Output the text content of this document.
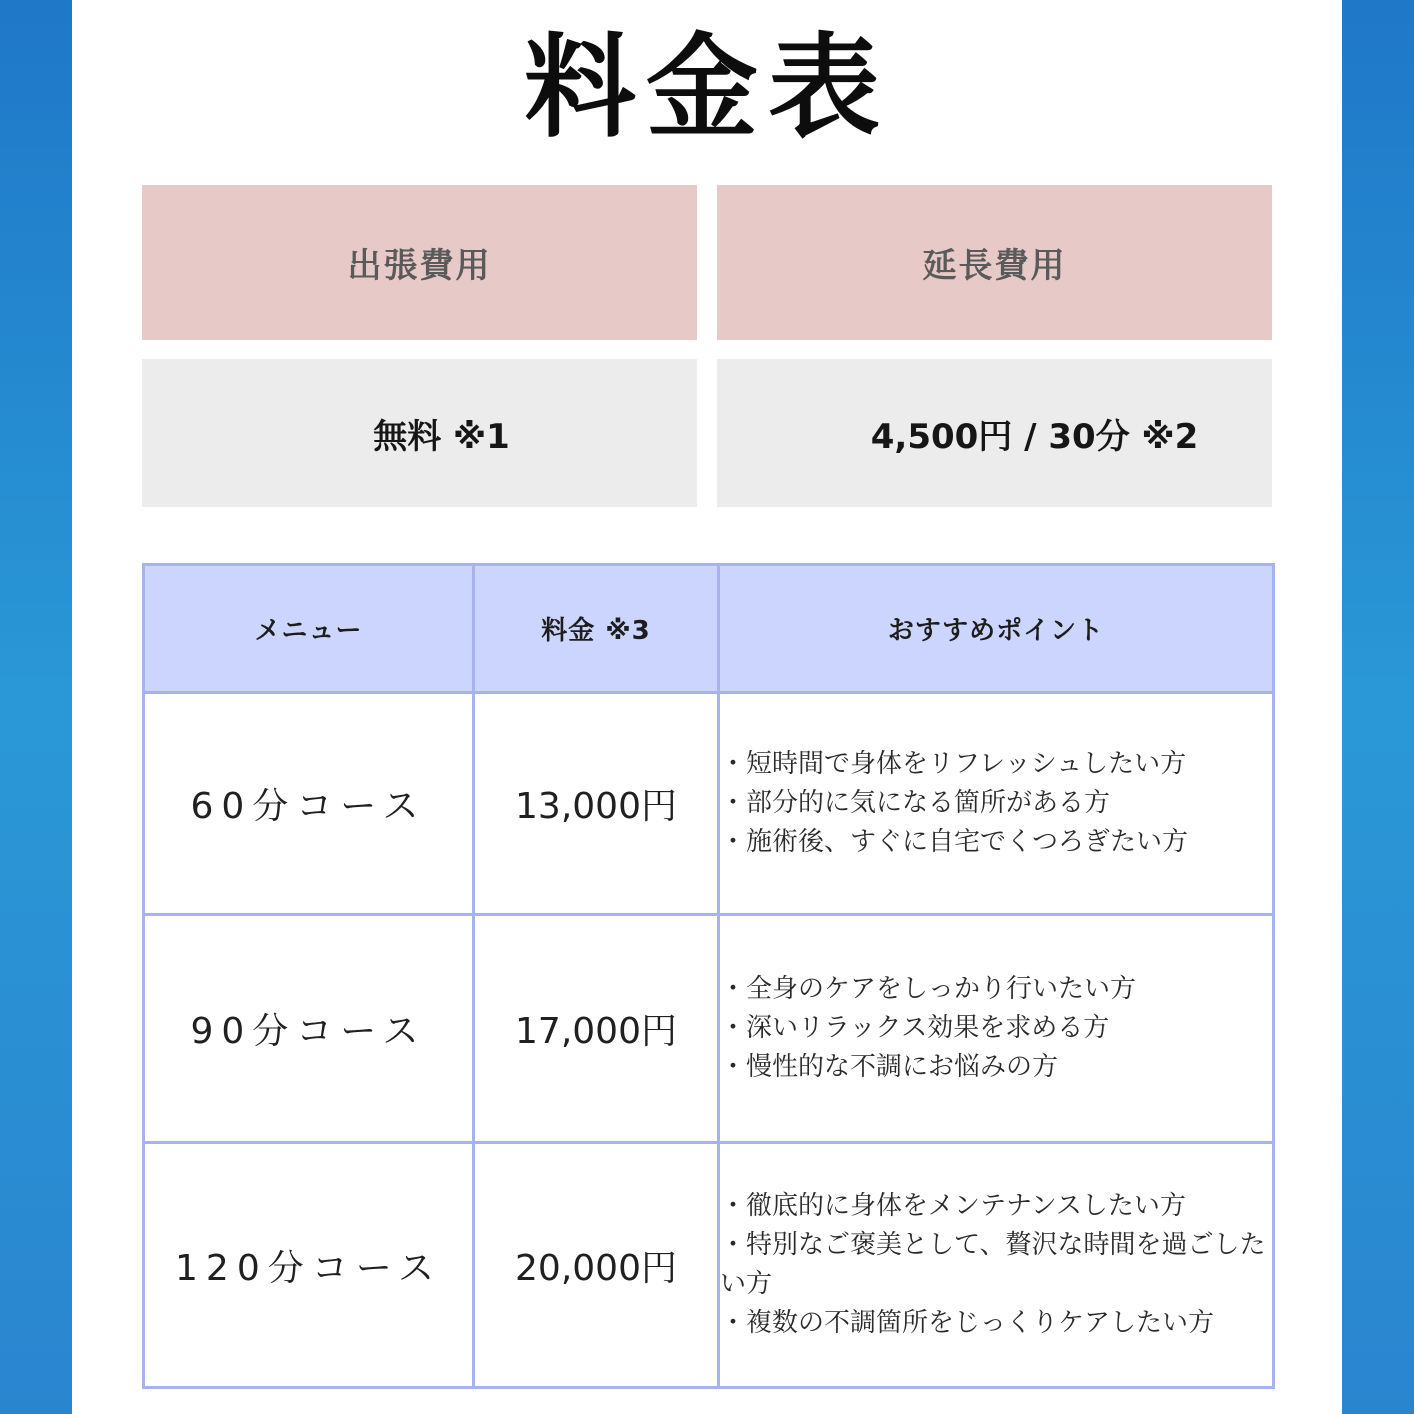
料金表
出張費用	延長費用
無料 ※1	4,500円 / 30分 ※2
メニュー	料金 ※3	おすすめポイント
60分コース	13,000円	・短時間で身体をリフレッシュしたい方
・部分的に気になる箇所がある方
・施術後、すぐに自宅でくつろぎたい方

90分コース	17,000円	・全身のケアをしっかり行いたい方
・深いリラックス効果を求める方
・慢性的な不調にお悩みの方

120分コース	20,000円	・徹底的に身体をメンテナンスしたい方
・特別なご褒美として、贅沢な時間を過ごしたい方
・複数の不調箇所をじっくりケアしたい方
